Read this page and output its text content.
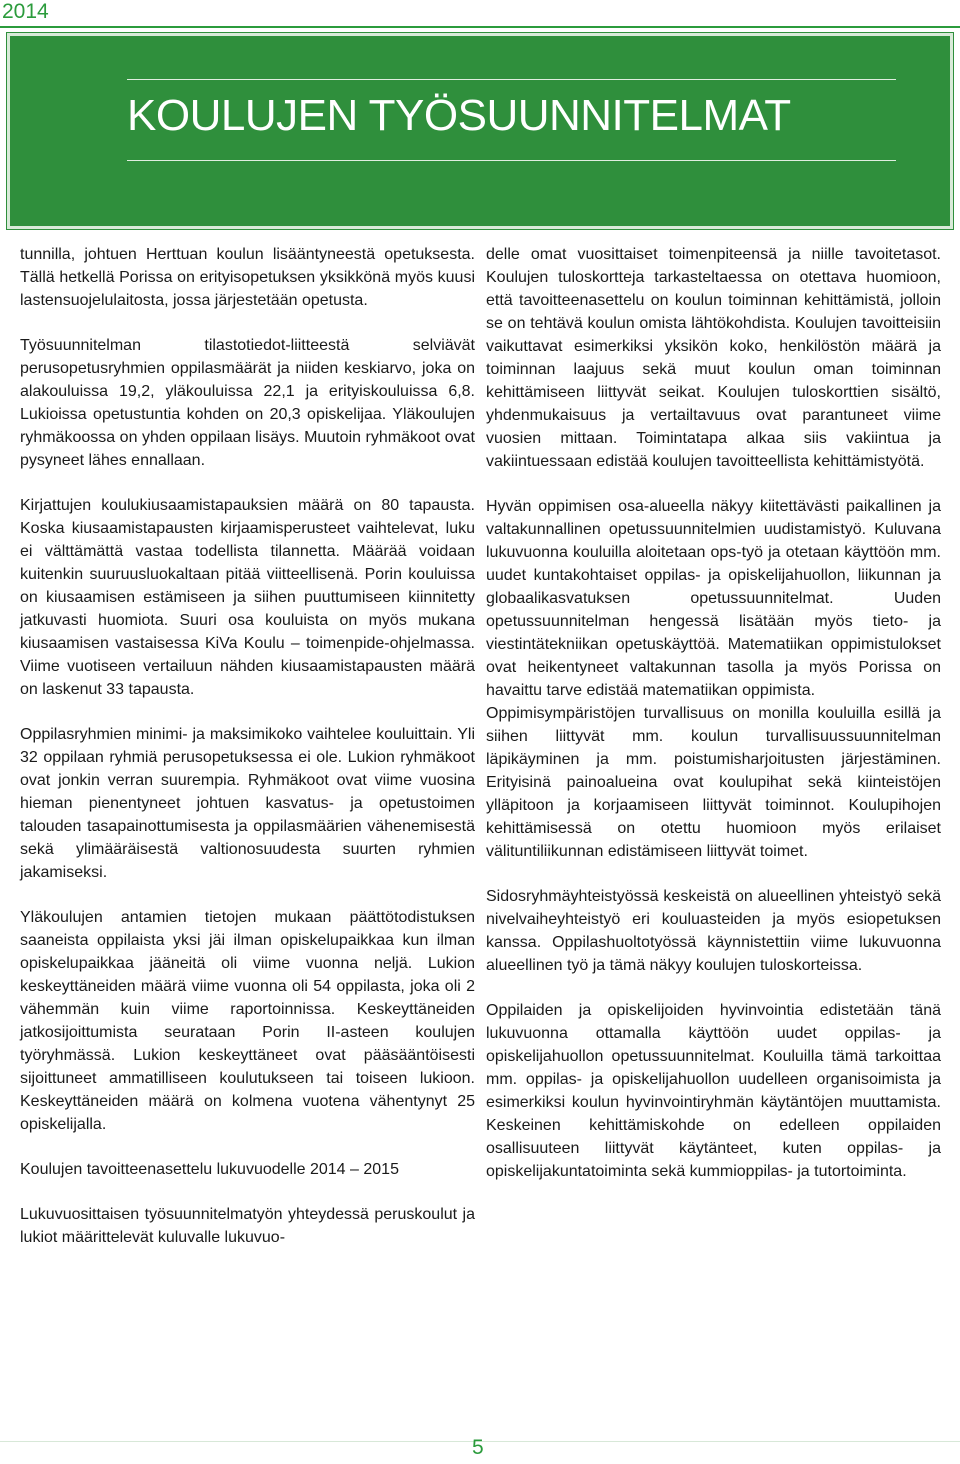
2014
KOULUJEN TYÖSUUNNITELMAT

tunnilla, johtuen Herttuan koulun lisääntyneestä opetuksesta. Tällä hetkellä Porissa on erityisopetuksen yksikkönä myös kuusi lastensuojelulaitosta, jossa järjestetään opetusta.

Työsuunnitelman tilastotiedot-liitteestä selviävät perusopetusryhmien oppilasmäärät ja niiden keskiarvo, joka on alakouluissa 19,2, yläkouluissa 22,1 ja erityiskouluissa 6,8. Lukioissa opetustuntia kohden on 20,3 opiskelijaa. Yläkoulujen ryhmäkoossa on yhden oppilaan lisäys. Muutoin ryhmäkoot ovat pysyneet lähes ennallaan.

Kirjattujen koulukiusaamistapauksien määrä on 80 tapausta. Koska kiusaamistapausten kirjaamisperusteet vaihtelevat, luku ei välttämättä vastaa todellista tilannetta. Määrää voidaan kuitenkin suuruusluokaltaan pitää viitteellisenä. Porin kouluissa on kiusaamisen estämiseen ja siihen puuttumiseen kiinnitetty jatkuvasti huomiota. Suuri osa kouluista on myös mukana kiusaamisen vastaisessa KiVa Koulu – toimenpide-ohjelmassa. Viime vuotiseen vertailuun nähden kiusaamistapausten määrä on laskenut 33 tapausta.

Oppilasryhmien minimi- ja maksimikoko vaihtelee kouluittain. Yli 32 oppilaan ryhmiä perusopetuksessa ei ole. Lukion ryhmäkoot ovat jonkin verran suurempia. Ryhmäkoot ovat viime vuosina hieman pienentyneet johtuen kasvatus- ja opetustoimen talouden tasapainottumisesta ja oppilasmäärien vähenemisestä sekä ylimääräisestä valtionosuudesta suurten ryhmien jakamiseksi.

Yläkoulujen antamien tietojen mukaan päättötodistuksen saaneista oppilaista yksi jäi ilman opiskelupaikkaa kun ilman opiskelupaikkaa jääneitä oli viime vuonna neljä. Lukion keskeyttäneiden määrä viime vuonna oli 54 oppilasta, joka oli 2 vähemmän kuin viime raportoinnissa. Keskeyttäneiden jatkosijoittumista seurataan Porin II-asteen koulujen työryhmässä. Lukion keskeyttäneet ovat pääsääntöisesti sijoittuneet ammatilliseen koulutukseen tai toiseen lukioon. Keskeyttäneiden määrä on kolmena vuotena vähentynyt 25 opiskelijalla.

Koulujen tavoitteenasettelu lukuvuodelle 2014 – 2015

Lukuvuosittaisen työsuunnitelmatyön yhteydessä peruskoulut ja lukiot määrittelevät kuluvalle lukuvuo-

delle omat vuosittaiset toimenpiteensä ja niille tavoitetasot. Koulujen tuloskortteja tarkasteltaessa on otettava huomioon, että tavoitteenasettelu on koulun toiminnan kehittämistä, jolloin se on tehtävä koulun omista lähtökohdista. Koulujen tavoitteisiin vaikuttavat esimerkiksi yksikön koko, henkilöstön määrä ja toiminnan laajuus sekä muut koulun oman toiminnan kehittämiseen liittyvät seikat. Koulujen tuloskorttien sisältö, yhdenmukaisuus ja vertailtavuus ovat parantuneet viime vuosien mittaan. Toimintatapa alkaa siis vakiintua ja vakiintuessaan edistää koulujen tavoitteellista kehittämistyötä.

Hyvän oppimisen osa-alueella näkyy kiitettävästi paikallinen ja valtakunnallinen opetussuunnitelmien uudistamistyö. Kuluvana lukuvuonna kouluilla aloitetaan ops-työ ja otetaan käyttöön mm. uudet kuntakohtaiset oppilas- ja opiskelijahuollon, liikunnan ja globaalikasvatuksen opetussuunnitelmat. Uuden opetussuunnitelman hengessä lisätään myös tieto- ja viestintätekniikan opetuskäyttöä. Matematiikan oppimistulokset ovat heikentyneet valtakunnan tasolla ja myös Porissa on havaittu tarve edistää matematiikan oppimista.

Oppimisympäristöjen turvallisuus on monilla kouluilla esillä ja siihen liittyvät mm. koulun turvallisuussuunnitelman läpikäyminen ja mm. poistumisharjoitusten järjestäminen. Erityisinä painoalueina ovat koulupihat sekä kiinteistöjen ylläpitoon ja korjaamiseen liittyvät toiminnot. Koulupihojen kehittämisessä on otettu huomioon myös erilaiset välituntiliikunnan edistämiseen liittyvät toimet.

Sidosryhmäyhteistyössä keskeistä on alueellinen yhteistyö sekä nivelvaiheyhteistyö eri kouluasteiden ja myös esiopetuksen kanssa. Oppilashuoltotyössä käynnistettiin viime lukuvuonna alueellinen työ ja tämä näkyy koulujen tuloskorteissa.

Oppilaiden ja opiskelijoiden hyvinvointia edistetään tänä lukuvuonna ottamalla käyttöön uudet oppilas- ja opiskelijahuollon opetussuunnitelmat. Kouluilla tämä tarkoittaa mm. oppilas- ja opiskelijahuollon uudelleen organisoimista ja esimerkiksi koulun hyvinvointiryhmän käytäntöjen muuttamista. Keskeinen kehittämiskohde on edelleen oppilaiden osallisuuteen liittyvät käytänteet, kuten oppilas- ja opiskelijakuntatoiminta sekä kummioppilas- ja tutortoiminta.

5
